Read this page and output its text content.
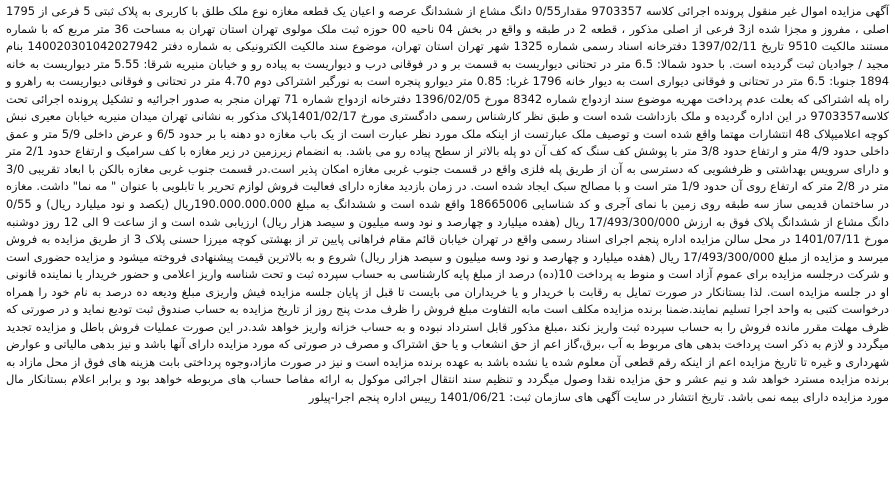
آگهی مزایده اموال غیر منقول پرونده اجرائی کلاسه 9703357 مقدار0/55 دانگ مشاع از ششدانگ عرصه و اعیان یک قطعه مغازه نوع ملک طلق با کاربری به پلاک ثبتی 5 فرعی از 1795 اصلی ، مفروز و مجزا شده از3 فرعی از اصلی مذکور ، قطعه 2 در طبقه و واقع در بخش 04 ناحیه 00 حوزه ثبت ملک مولوی تهران استان تهران به مساحت 36 متر مربع که با شماره مستند مالکیت 9510 تاریخ 1397/02/11 دفترخانه اسناد رسمی شماره 1325 شهر تهران استان تهران، موضوع سند مالکیت الکترونیکی به شماره دفتر 140020301042027942 بنام مجید / جوادیان ثبت گردیده است. با حدود شمالا: 6.5 متر در تحتانی دیواریست به قسمت بر و در فوقانی درب و دیواریست به پیاده رو و خیابان منیریه شرقا: 5.55 متر دیواریست به خانه 1894 جنوبا: 6.5 متر در تحتانی و فوقانی دیواری است به دیوار خانه 1796 غربا: 0.85 متر دیوارو پنجره است به نورگیر اشتراکی دوم 4.70 متر در تحتانی و فوقانی دیواریست به راهرو و راه پله اشتراکی که بعلت عدم پرداخت مهریه موضوع سند ازدواج شماره 8342 مورخ 1396/02/05 دفترخانه ازدواج شماره 71 تهران منجر به صدور اجرائیه و تشکیل پرونده اجرائی تحت کلاسه9703357 در این اداره گردیده و ملک بازداشت شده است و طبق نظر کارشناس رسمی دادگستری مورخ 1401/02/17پلاک مذکور به نشانی تهران میدان منیریه خیابان معیری نبش کوچه اعلامیپلاک 48 انتشارات مهتما واقع شده است و توصیف ملک عبارتست از اینکه ملک مورد نظر عبارت است از یک باب مغازه دو دهنه با بر حدود 6/5 و عرض داخلی 5/9 متر و عمق داخلی حدود 4/9 متر و ارتفاع حدود 3/8 متر با پوشش کف سنگ که کف آن دو پله بالاتر از سطح پیاده رو می باشد. به انضمام زیرزمین در زیر مغازه با کف سرامیک و ارتفاع حدود 2/1 متر و دارای سرویس بهداشتی و ظرفشویی که دسترسی به آن از طریق پله فلزی واقع در قسمت جنوب غربی مغازه امکان پذیر است.در قسمت جنوب غربی مغازه بالکن با ابعاد تقریبی 3/0 متر در 2/8 متر که ارتفاع روی آن حدود 1/9 متر است و با مصالح سبک ایجاد شده است. در زمان بازدید مغازه دارای فعالیت فروش لوازم تحریر با تابلویی با عنوان " مه نما" داشت. مغازه در ساختمان قدیمی ساز سه طبقه روی زمین با نمای آجری و کد شناسایی 18665006 واقع شده است و ششدانگ به مبلغ 190.000.000.000ریال (یکصد و نود میلیارد ریال) و 0/55 دانگ مشاع از ششدانگ پلاک فوق به ارزش 17/493/300/000 ریال (هفده میلیارد و چهارصد و نود وسه میلیون و سیصد هزار ریال) ارزیابی شده است و از ساعت 9 الی 12 روز دوشنبه مورخ 1401/07/11 در محل سالن مزایده اداره پنجم اجرای اسناد رسمی واقع در تهران خیابان قائم مقام فراهانی پایین تر از بهشتی کوچه میرزا حسنی پلاک 3 از طریق مزایده به فروش میرسد و مزایده از مبلغ 17/493/300/000 ریال (هفده میلیارد و چهارصد و نود وسه میلیون و سیصد هزار ریال) شروع و به بالاترین قیمت پیشنهادی فروخته میشود و مزایده حضوری است و شرکت درجلسه مزایده برای عموم آزاد است و منوط به پرداخت 10(ده) درصد از مبلغ پایه کارشناسی به حساب سپرده ثبت و تحت شناسه واریز اعلامی و حضور خریدار یا نماینده قانونی او در جلسه مزایده است. لذا بستانکار در صورت تمایل به رقابت با خریدار و یا خریداران می بایست تا قبل از پایان جلسه مزایده فیش واریزی مبلغ ودیعه ده درصد به نام خود را همراه درخواست کتبی به واحد اجرا تسلیم نمایند.ضمنا برنده مزایده مکلف است مابه التفاوت مبلغ فروش را ظرف مدت پنج روز از تاریخ مزایده به حساب صندوق ثبت تودیع نماید و در صورتی که ظرف مهلت مقرر مانده فروش را به حساب سپرده ثبت واریز نکند ،مبلغ مذکور قابل استرداد نبوده و به حساب خزانه واریز خواهد شد.در این صورت عملیات فروش باطل و مزایده تجدید میگردد و لازم به ذکر است پرداخت بدهی های مربوط به آب ،برق،گاز اعم از حق انشعاب و یا حق اشتراک و مصرف در صورتی که مورد مزایده دارای آنها باشد و نیز بدهی مالیاتی و عوارض شهرداری و غیره تا تاریخ مزایده اعم از اینکه رقم قطعی آن معلوم شده یا نشده باشد به عهده برنده مزایده است و نیز در صورت مازاد،وجوه پرداختی بابت هزینه های فوق از محل مازاد به برنده مزایده مسترد خواهد شد و نیم عشر و حق مزایده نقدا وصول میگردد و تنظیم سند انتقال اجرائی موکول به ارائه مفاصا حساب های مربوطه خواهد بود و برابر اعلام بستانکار مال مورد مزایده دارای بیمه نمی باشد. تاریخ انتشار در سایت آگهی های سازمان ثبت: 1401/06/21 رییس اداره پنجم اجرا-پیلور
